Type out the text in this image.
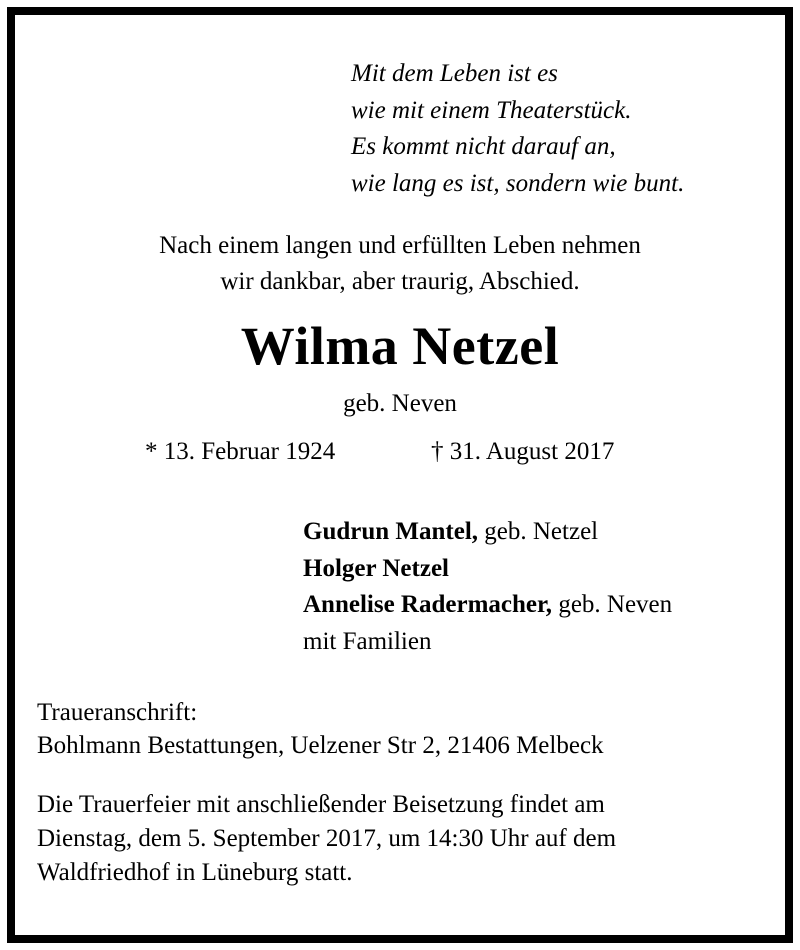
Mit dem Leben ist es
wie mit einem Theaterstück.
Es kommt nicht darauf an,
wie lang es ist, sondern wie bunt.
Nach einem langen und erfüllten Leben nehmen
wir dankbar, aber traurig, Abschied.
Wilma Netzel
geb. Neven
* 13. Februar 1924	† 31. August 2017
Gudrun Mantel, geb. Netzel
Holger Netzel
Annelise Radermacher, geb. Neven
mit Familien
Traueranschrift:
Bohlmann Bestattungen, Uelzener Str 2, 21406 Melbeck
Die Trauerfeier mit anschließender Beisetzung findet am
Dienstag, dem 5. September 2017, um 14:30 Uhr auf dem
Waldfriedhof in Lüneburg statt.
